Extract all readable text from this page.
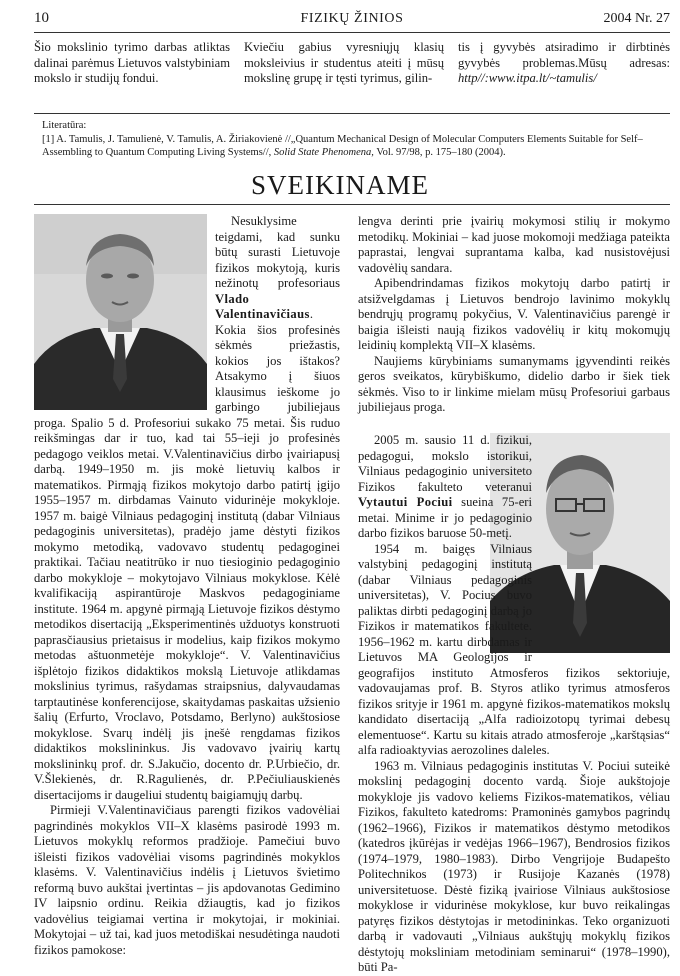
10	FIZIKŲ ŽINIOS	2004 Nr. 27
Šio mokslinio tyrimo darbas atliktas dalinai parėmus Lietuvos valstybiniam mokslo ir studijų fondui.
Kviečiu gabius vyresniųjų klasių moksleivius ir studentus ateiti į mūsų mokslinę grupę ir tęsti tyrimus, gilin-
tis į gyvybės atsiradimo ir dirbtinės gyvybės problemas.Mūsų adresas: http//:www.itpa.lt/~tamulis/
Literatūra:
[1] A. Tamulis, J. Tamulienė, V. Tamulis, A. Žiriakovienė //„Quantum Mechanical Design of Molecular Computers Elements Suitable for Self–Assembling to Quantum Computing Living Systems//, Solid State Phenomena, Vol. 97/98, p. 175–180 (2004).
SVEIKINAME

Nesuklysime teigdami, kad sunku būtų surasti Lietuvoje fizikos mokytoją, kuris nežinotų profesoriaus Vlado Valentinavičiaus. Kokia šios profesinės sėkmės priežastis, kokios jos ištakos? Atsakymo į šiuos klausimus ieškome jo garbingo jubiliejaus proga. Spalio 5 d. Profesoriui sukako 75 metai. Šis ruduo reikšmingas dar ir tuo, kad tai 55–ieji jo profesinės pedagogo veiklos metai. V.Valentinavičius dirbo įvairiapusį darbą. 1949–1950 m. jis mokė lietuvių kalbos ir matematikos. Pirmąją fizikos mokytojo darbo patirtį įgijo 1955–1957 m. dirbdamas Vainuto vidurinėje mokykloje. 1957 m. baigė Vilniaus pedagoginį institutą (dabar Vilniaus pedagoginis universitetas), pradėjo jame dėstyti fizikos mokymo metodiką, vadovavo studentų pedagoginei praktikai. Tačiau neatitrūko ir nuo tiesioginio pedagoginio darbo mokykloje – mokytojavo Vilniaus mokyklose. Kėlė kvalifikaciją aspirantūroje Maskvos pedagoginiame institute. 1964 m. apgynė pirmąją Lietuvoje fizikos dėstymo metodikos disertaciją „Eksperimentinės užduotys konstruoti paprasčiausius prietaisus ir modelius, kaip fizikos mokymo metodas aštuonmetėje mokykloje“. V. Valentinavičius išplėtojo fizikos didaktikos mokslą Lietuvoje atlikdamas mokslinius tyrimus, rašydamas straipsnius, dalyvaudamas tarptautinėse konferencijose, skaitydamas paskaitas užsienio šalių (Erfurto, Vroclavo, Potsdamo, Berlyno) aukštosiose mokyklose. Svarų indėlį jis įnešė rengdamas fizikos didaktikos mokslininkus. Jis vadovavo įvairių kartų mokslininkų prof. dr. S.Jakučio, docento dr. P.Urbiečio, dr. V.Šlekienės, dr. R.Ragulienės, dr. P.Pečiuliauskienės disertacijoms ir daugeliui studentų baigiamųjų darbų.

Pirmieji V.Valentinavičiaus parengti fizikos vadovėliai pagrindinės mokyklos VII–X klasėms pasirodė 1993 m. Lietuvos mokyklų reformos pradžioje. Pamečiui buvo išleisti fizikos vadovėliai visoms pagrindinės mokyklos klasėms. V. Valentinavičius indėlis į Lietuvos švietimo reformą buvo aukštai įvertintas – jis apdovanotas Gedimino IV laipsnio ordinu. Reikia džiaugtis, kad jo fizikos vadovėlius teigiamai vertina ir mokytojai, ir mokiniai. Mokytojai – už tai, kad juos metodiškai nesudėtinga naudoti fizikos pamokose:

lengva derinti prie įvairių mokymosi stilių ir mokymo metodikų. Mokiniai – kad juose mokomoji medžiaga pateikta paprastai, lengvai suprantama kalba, kad nusistovėjusi vadovėlių sandara.

Apibendrindamas fizikos mokytojų darbo patirtį ir atsižvelgdamas į Lietuvos bendrojo lavinimo mokyklų bendrųjų programų pokyčius, V. Valentinavičius parengė ir baigia išleisti naują fizikos vadovėlių ir kitų mokomųjų leidinių komplektą VII–X klasėms.

Naujiems kūrybiniams sumanymams įgyvendinti reikės geros sveikatos, kūrybiškumo, didelio darbo ir šiek tiek sėkmės. Viso to ir linkime mielam mūsų Profesoriui garbaus jubiliejaus proga.

2005 m. sausio 11 d. fizikui, pedagogui, mokslo istorikui, Vilniaus pedagoginio universiteto Fizikos fakulteto veteranui Vytautui Pociui sueina 75-eri metai. Minime ir jo pedagoginio darbo fizikos baruose 50-metį.

1954 m. baigęs Vilniaus valstybinį pedagoginį institutą (dabar Vilniaus pedagoginis universitetas), V. Pocius buvo paliktas dirbti pedagoginį darbą jo Fizikos ir matematikos fakultete. 1956–1962 m. kartu dirbdamas ir Lietuvos MA Geologijos ir geografijos instituto Atmosferos fizikos sektoriuje, vadovaujamas prof. B. Styros atliko tyrimus atmosferos fizikos srityje ir 1961 m. apgynė fizikos-matematikos mokslų kandidato disertaciją „Alfa radioizotopų tyrimai debesų elementuose“. Kartu su kitais atrado atmosferoje „karštąsias“ alfa radioaktyvias aerozolines daleles.

1963 m. Vilniaus pedagoginis institutas V. Pociui suteikė mokslinį pedagoginį docento vardą. Šioje aukštojoje mokykloje jis vadovo keliems Fizikos-matematikos, vėliau Fizikos, fakulteto katedroms: Pramoninės gamybos pagrindų (1962–1966), Fizikos ir matematikos dėstymo metodikos (katedros įkūrėjas ir vedėjas 1966–1967), Bendrosios fizikos (1974–1979, 1980–1983). Dirbo Vengrijoje Budapešto Politechnikos (1973) ir Rusijoje Kazanės (1978) universitetuose. Dėstė fiziką įvairiose Vilniaus aukštosiose mokyklose ir vidurinėse mokyklose, kur buvo reikalingas patyręs fizikos dėstytojas ir metodininkas. Teko organizuoti darbą ir vadovauti „Vilniaus aukštųjų mokyklų fizikos dėstytojų moksliniam metodiniam seminarui“ (1978–1990), būti Pa-
